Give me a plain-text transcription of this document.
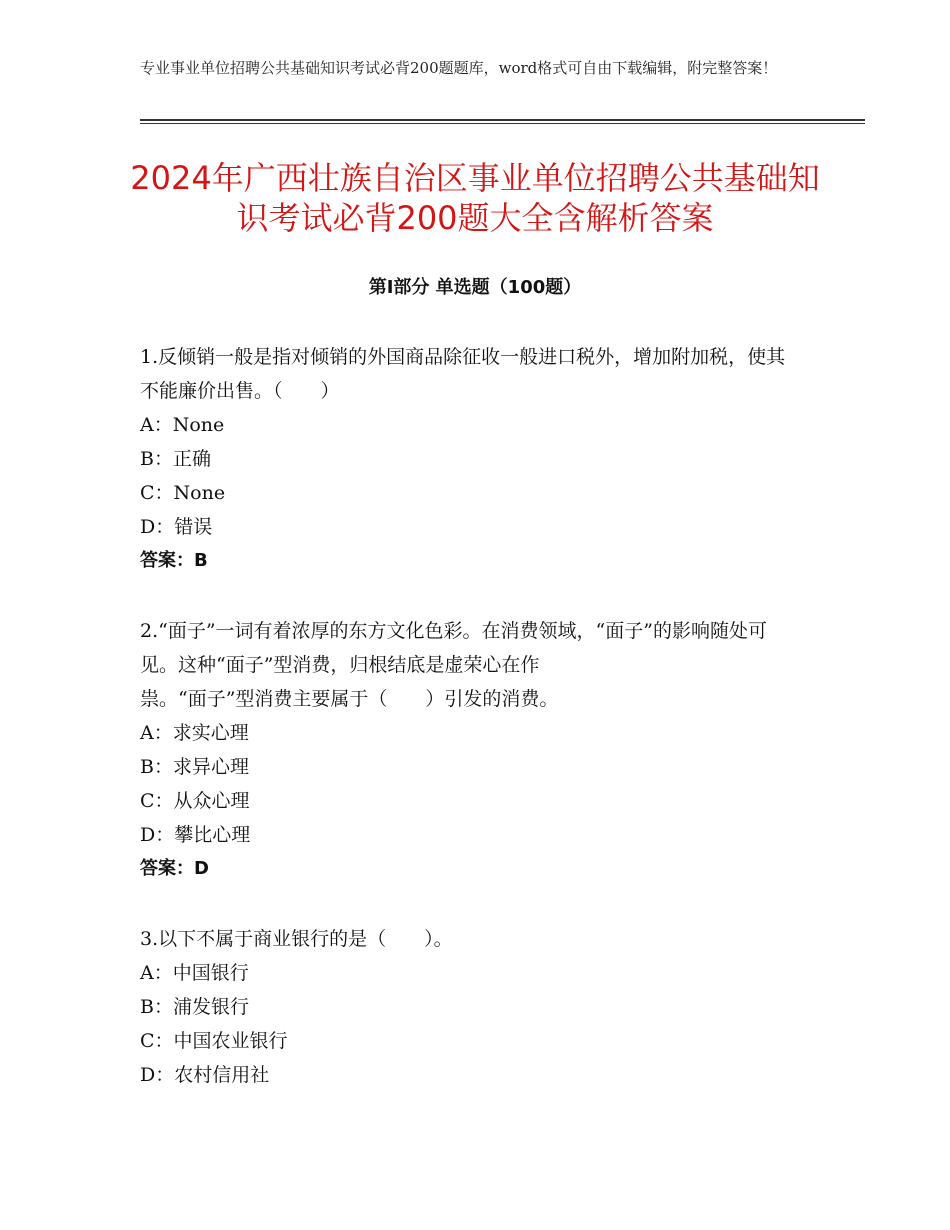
专业事业单位招聘公共基础知识考试必背200题题库，word格式可自由下载编辑，附完整答案！
2024年广西壮族自治区事业单位招聘公共基础知识考试必背200题大全含解析答案
第Ⅰ部分 单选题（100题）
1.反倾销一般是指对倾销的外国商品除征收一般进口税外，增加附加税，使其不能廉价出售。（　　）
A：None
B：正确
C：None
D：错误
答案：B
2.“面子”一词有着浓厚的东方文化色彩。在消费领域，“面子”的影响随处可见。这种“面子”型消费，归根结底是虚荣心在作
祟。“面子”型消费主要属于（　　）引发的消费。
A：求实心理
B：求异心理
C：从众心理
D：攀比心理
答案：D
3.以下不属于商业银行的是（　　）。
A：中国银行
B：浦发银行
C：中国农业银行
D：农村信用社
